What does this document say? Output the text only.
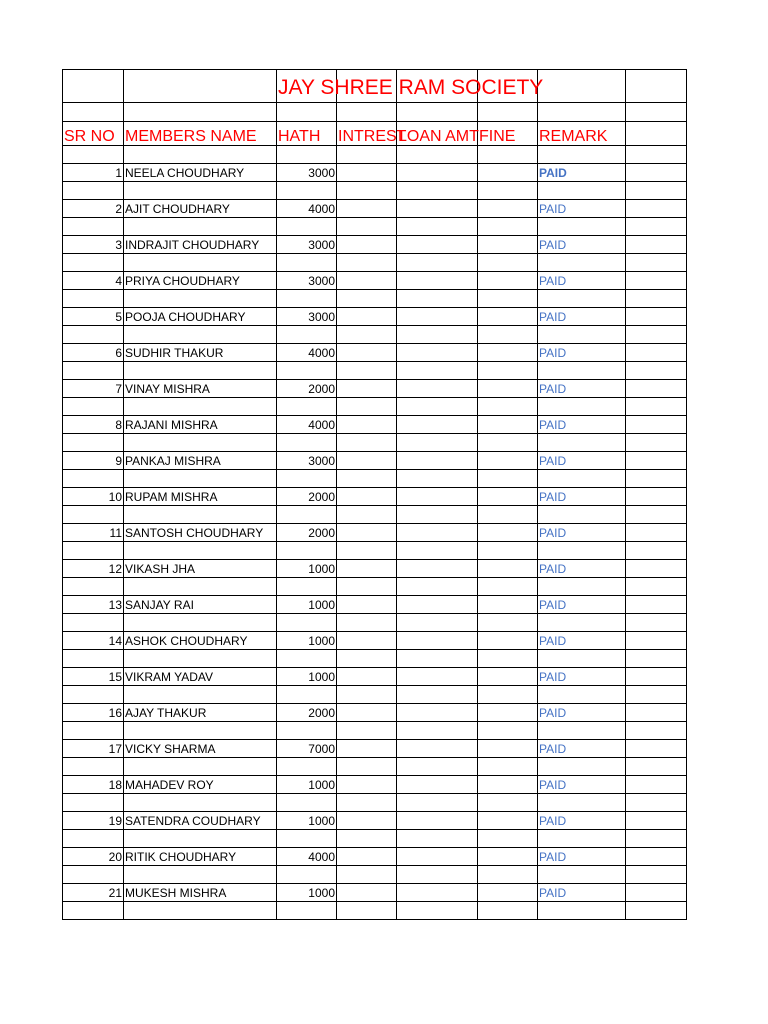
		JAY SHREE RAM SOCIETY					

SR NO	MEMBERS NAME	HATH	INTREST	LOAN AMT	FINE	REMARK	

1	NEELA CHOUDHARY	3000				PAID	

2	AJIT CHOUDHARY	4000				PAID	

3	INDRAJIT CHOUDHARY	3000				PAID	

4	PRIYA CHOUDHARY	3000				PAID	

5	POOJA CHOUDHARY	3000				PAID	

6	SUDHIR THAKUR	4000				PAID	

7	VINAY MISHRA	2000				PAID	

8	RAJANI MISHRA	4000				PAID	

9	PANKAJ MISHRA	3000				PAID	

10	RUPAM MISHRA	2000				PAID	

11	SANTOSH CHOUDHARY	2000				PAID	

12	VIKASH JHA	1000				PAID	

13	SANJAY RAI	1000				PAID	

14	ASHOK CHOUDHARY	1000				PAID	

15	VIKRAM YADAV	1000				PAID	

16	AJAY THAKUR	2000				PAID	

17	VICKY SHARMA	7000				PAID	

18	MAHADEV ROY	1000				PAID	

19	SATENDRA COUDHARY	1000				PAID	

20	RITIK CHOUDHARY	4000				PAID	

21	MUKESH MISHRA	1000				PAID	
